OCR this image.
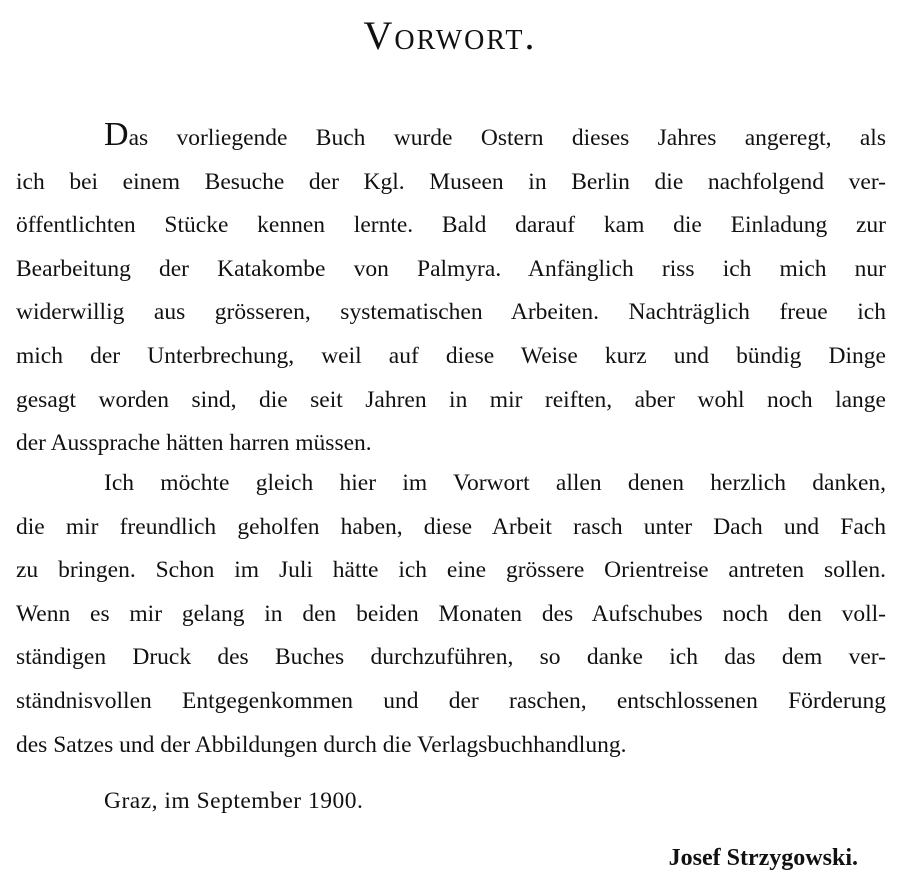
Vorwort.
Das vorliegende Buch wurde Ostern dieses Jahres angeregt, als
ich bei einem Besuche der Kgl. Museen in Berlin die nachfolgend ver-
öffentlichten Stücke kennen lernte. Bald darauf kam die Einladung zur
Bearbeitung der Katakombe von Palmyra. Anfänglich riss ich mich nur
widerwillig aus grösseren, systematischen Arbeiten. Nachträglich freue ich
mich der Unterbrechung, weil auf diese Weise kurz und bündig Dinge
gesagt worden sind, die seit Jahren in mir reiften, aber wohl noch lange
der Aussprache hätten harren müssen.
Ich möchte gleich hier im Vorwort allen denen herzlich danken,
die mir freundlich geholfen haben, diese Arbeit rasch unter Dach und Fach
zu bringen. Schon im Juli hätte ich eine grössere Orientreise antreten sollen.
Wenn es mir gelang in den beiden Monaten des Aufschubes noch den voll-
ständigen Druck des Buches durchzuführen, so danke ich das dem ver-
ständnisvollen Entgegenkommen und der raschen, entschlossenen Förderung
des Satzes und der Abbildungen durch die Verlagsbuchhandlung.
Graz, im September 1900.
Josef Strzygowski.
